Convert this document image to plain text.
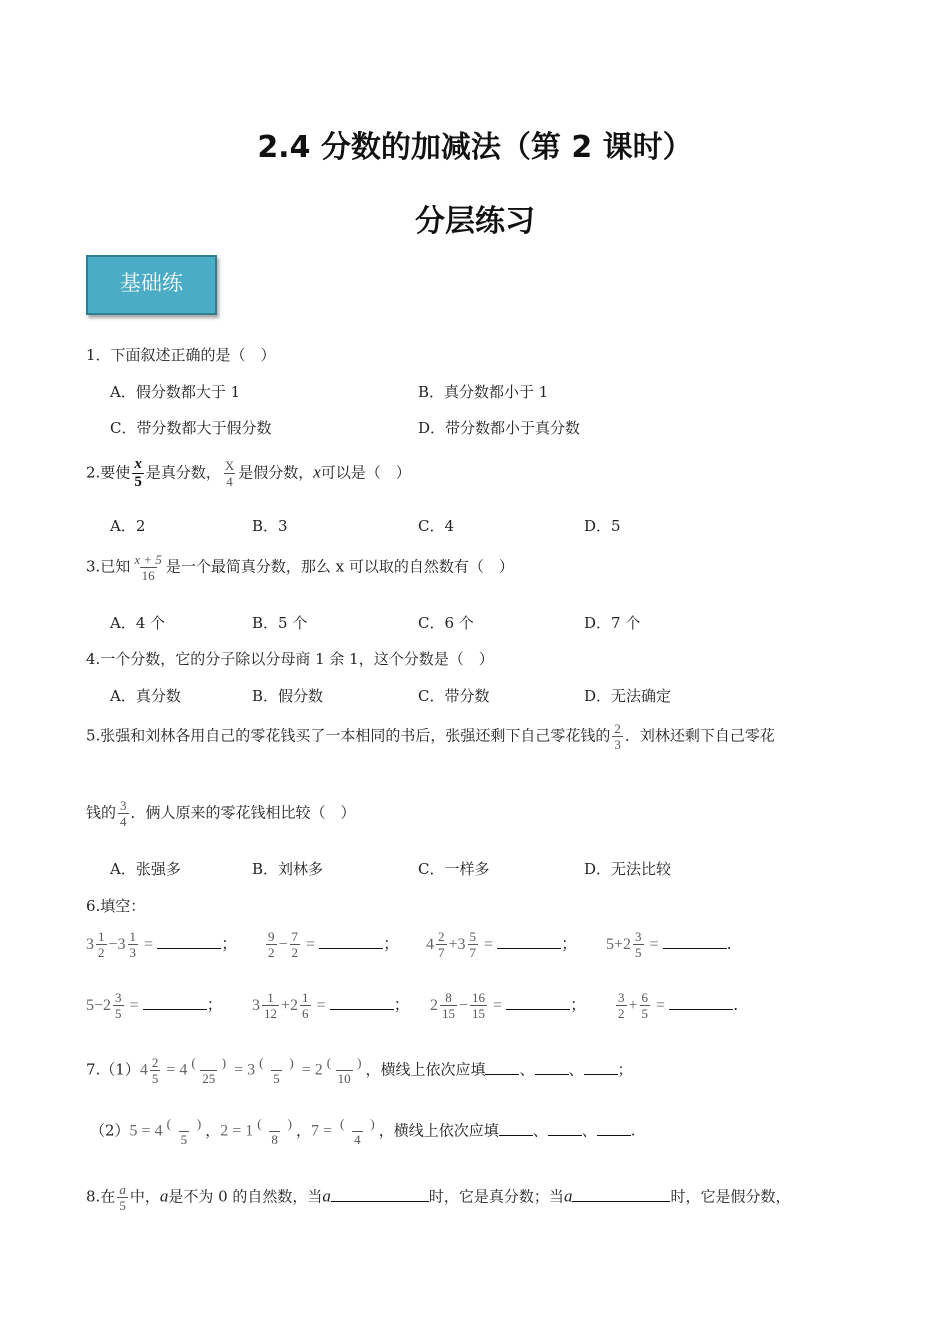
2.4 分数的加减法（第 2 课时）
分层练习
基础练
1．下面叙述正确的是（　）
A．假分数都大于 1	B．真分数都小于 1
C．带分数都大于假分数	D．带分数都小于真分数
2.要使 $\frac{x}{5}$ 是真分数， $\frac{X}{4}$ 是假分数，x可以是（　）
A．2	B．3	C．4	D．5
3.已知 $\frac{x + 5}{16}$ 是一个最简真分数，那么 x 可以取的自然数有（　）
A．4 个	B．5 个	C．6 个	D．7 个
4.一个分数，它的分子除以分母商 1 余 1，这个分数是（　）
A．真分数	B．假分数	C．带分数	D．无法确定
5.张强和刘林各用自己的零花钱买了一本相同的书后，张强还剩下自己零花钱的 $\frac{2}{3}$ ．刘林还剩下自己零花
钱的 $\frac{3}{4}$ ．俩人原来的零花钱相比较（　）
A．张强多	B．刘林多	C．一样多	D．无法比较
6.填空：
$3 \frac{1}{2} -3 \frac{1}{3}$ =	； $\frac{9}{2} - \frac{7}{2}$ =	； $4 \frac{2}{7} +3 \frac{5}{7}$ =	； $5+2 \frac{3}{5}$ =	.
$5-2 \frac{3}{5}$ =	； $3 \frac{1}{12} +2 \frac{1}{6}$ =	； $2 \frac{8}{15} - \frac{16}{15}$ =	； $\frac{3}{2} + \frac{6}{5}$ =	.
$7.(1)4 \frac{2}{5} = 4 \frac{( )}{25} = 3 \frac{( )}{5} = 2 \frac{( )}{10}$ ，横线上依次应填 、 、 ；
$(2)5 = 4 \frac{( )}{5}$ ，$2 = 1 \frac{( )}{8}$ ，$7 = \frac{( )}{4}$ ，横线上依次应填 、 、 .
8.在 $\frac{a}{5}$ 中，a是不为 0 的自然数，当a	时，它是真分数；当a	时，它是假分数，
